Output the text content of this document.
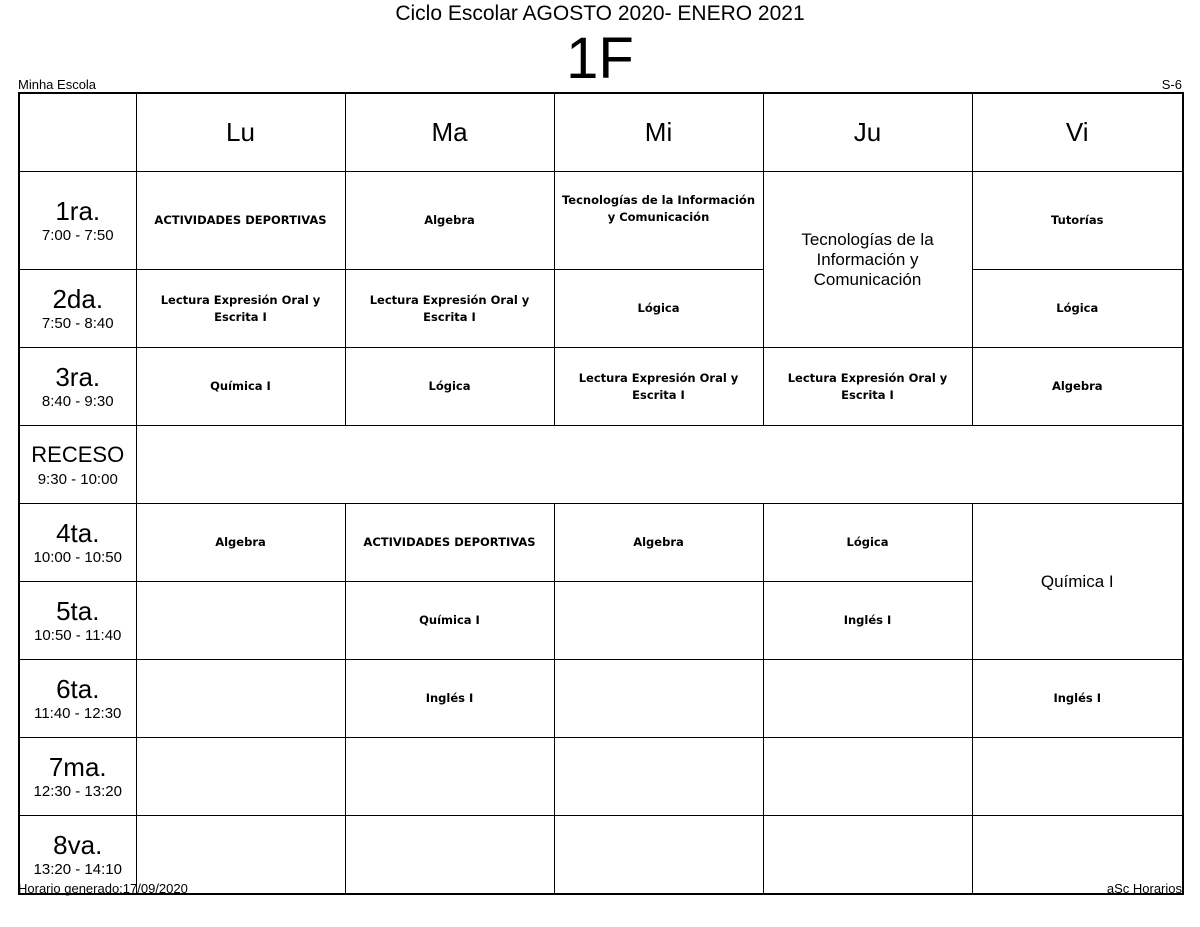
Ciclo Escolar AGOSTO 2020- ENERO 2021
1F
Minha Escola	S-6
	Lu	Ma	Mi	Ju	Vi

1ra.
7:00 - 7:50	ACTIVIDADES DEPORTIVAS	Algebra	Tecnologías de la Información y Comunicación	Tecnologías de la Información y Comunicación	Tutorías

2da.
7:50 - 8:40	Lectura Expresión Oral y Escrita I	Lectura Expresión Oral y Escrita I	Lógica		Lógica

3ra.
8:40 - 9:30	Química I	Lógica	Lectura Expresión Oral y Escrita I	Lectura Expresión Oral y Escrita I	Algebra

RECESO
9:30 - 10:00					

4ta.
10:00 - 10:50	Algebra	ACTIVIDADES DEPORTIVAS	Algebra	Lógica	Química I

5ta.
10:50 - 11:40		Química I		Inglés I	

6ta.
11:40 - 12:30		Inglés I			Inglés I

7ma.
12:30 - 13:20					

8va.
13:20 - 14:10					

Horario generado:17/09/2020	aSc Horarios
